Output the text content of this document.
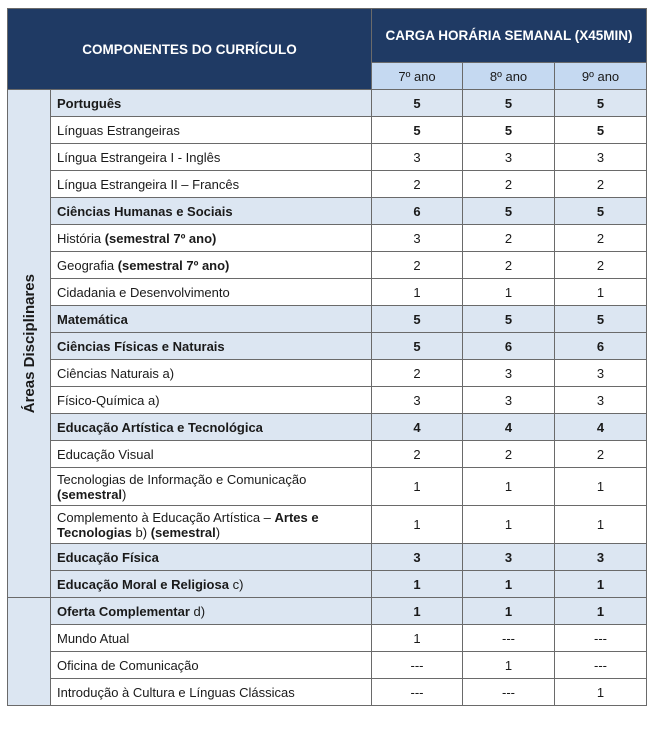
COMPONENTES DO CURRÍCULO		CARGA HORÁRIA SEMANAL (X45MIN)		
		7º ano	8º ano	9º ano

Áreas Disciplinares	Português	5	5	5
	Línguas Estrangeiras	5	5	5
	Língua Estrangeira I - Inglês	3	3	3
	Língua Estrangeira II – Francês	2	2	2
	Ciências Humanas e Sociais	6	5	5
	História (semestral 7º ano)	3	2	2
	Geografia (semestral 7º ano)	2	2	2
	Cidadania e Desenvolvimento	1	1	1
	Matemática	5	5	5
	Ciências Físicas e Naturais	5	6	6
	Ciências Naturais a)	2	3	3
	Físico-Química a)	3	3	3
	Educação Artística e Tecnológica	4	4	4
	Educação Visual	2	2	2
	Tecnologias de Informação e Comunicação (semestral)	1	1	1
	Complemento à Educação Artística – Artes e Tecnologias b) (semestral)	1	1	1
	Educação Física	3	3	3
	Educação Moral e Religiosa c)	1	1	1
	Oferta Complementar d)	1	1	1
	Mundo Atual	1	---	---
	Oficina de Comunicação	---	1	---
	Introdução à Cultura e Línguas Clássicas	---	---	1
